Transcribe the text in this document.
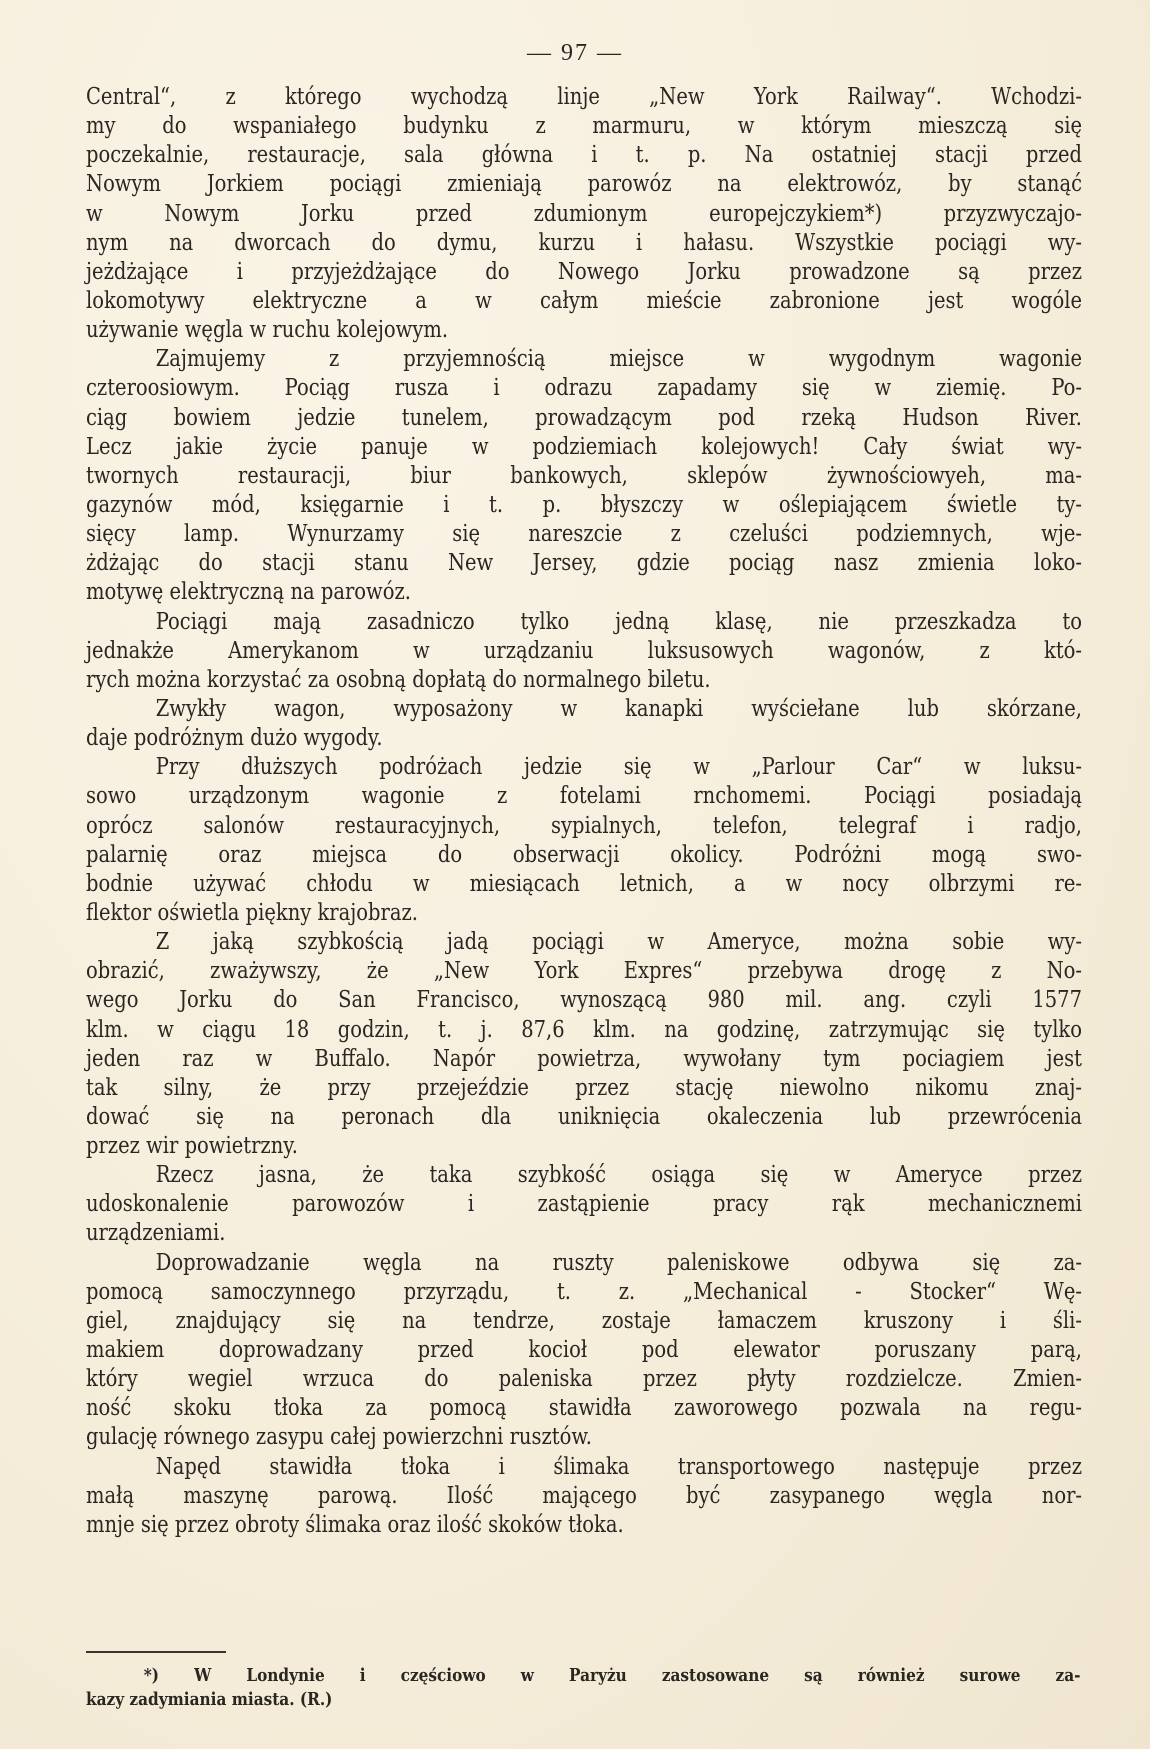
— 97 —
Central“, z którego wychodzą linje „New York Railway“. Wchodzi-
my do wspaniałego budynku z marmuru, w którym mieszczą się
poczekalnie, restauracje, sala główna i t. p. Na ostatniej stacji przed
Nowym Jorkiem pociągi zmieniają parowóz na elektrowóz, by stanąć
w Nowym Jorku przed zdumionym europejczykiem*) przyzwyczajo-
nym na dworcach do dymu, kurzu i hałasu. Wszystkie pociągi wy-
jeżdżające i przyjeżdżające do Nowego Jorku prowadzone są przez
lokomotywy elektryczne a w całym mieście zabronione jest wogóle
używanie węgla w ruchu kolejowym.
Zajmujemy z przyjemnością miejsce w wygodnym wagonie
czteroosiowym. Pociąg rusza i odrazu zapadamy się w ziemię. Po-
ciąg bowiem jedzie tunelem, prowadzącym pod rzeką Hudson River.
Lecz jakie życie panuje w podziemiach kolejowych! Cały świat wy-
twornych restauracji, biur bankowych, sklepów żywnościowyeh, ma-
gazynów mód, księgarnie i t. p. błyszczy w oślepiającem świetle ty-
sięcy lamp. Wynurzamy się nareszcie z czeluści podziemnych, wje-
żdżając do stacji stanu New Jersey, gdzie pociąg nasz zmienia loko-
motywę elektryczną na parowóz.
Pociągi mają zasadniczo tylko jedną klasę, nie przeszkadza to
jednakże Amerykanom w urządzaniu luksusowych wagonów, z któ-
rych można korzystać za osobną dopłatą do normalnego biletu.
Zwykły wagon, wyposażony w kanapki wyściełane lub skórzane,
daje podróżnym dużo wygody.
Przy dłuższych podróżach jedzie się w „Parlour Car“ w luksu-
sowo urządzonym wagonie z fotelami rnchomemi. Pociągi posiadają
oprócz salonów restauracyjnych, sypialnych, telefon, telegraf i radjo,
palarnię oraz miejsca do obserwacji okolicy. Podróżni mogą swo-
bodnie używać chłodu w miesiącach letnich, a w nocy olbrzymi re-
flektor oświetla piękny krajobraz.
Z jaką szybkością jadą pociągi w Ameryce, można sobie wy-
obrazić, zważywszy, że „New York Expres“ przebywa drogę z No-
wego Jorku do San Francisco, wynoszącą 980 mil. ang. czyli 1577
klm. w ciągu 18 godzin, t. j. 87,6 klm. na godzinę, zatrzymując się tylko
jeden raz w Buffalo. Napór powietrza, wywołany tym pociagiem jest
tak silny, że przy przejeździe przez stację niewolno nikomu znaj-
dować się na peronach dla uniknięcia okaleczenia lub przewrócenia
przez wir powietrzny.
Rzecz jasna, że taka szybkość osiąga się w Ameryce przez
udoskonalenie parowozów i zastąpienie pracy rąk mechanicznemi
urządzeniami.
Doprowadzanie węgla na ruszty paleniskowe odbywa się za-
pomocą samoczynnego przyrządu, t. z. „Mechanical - Stocker“ Wę-
giel, znajdujący się na tendrze, zostaje łamaczem kruszony i śli-
makiem doprowadzany przed kocioł pod elewator poruszany parą,
który wegiel wrzuca do paleniska przez płyty rozdzielcze. Zmien-
ność skoku tłoka za pomocą stawidła zaworowego pozwala na regu-
gulację równego zasypu całej powierzchni rusztów.
Napęd stawidła tłoka i ślimaka transportowego następuje przez
małą maszynę parową. Ilość mającego być zasypanego węgla nor-
mnje się przez obroty ślimaka oraz ilość skoków tłoka.
*) W Londynie i częściowo w Paryżu zastosowane są również surowe za-
kazy zadymiania miasta. (R.)
